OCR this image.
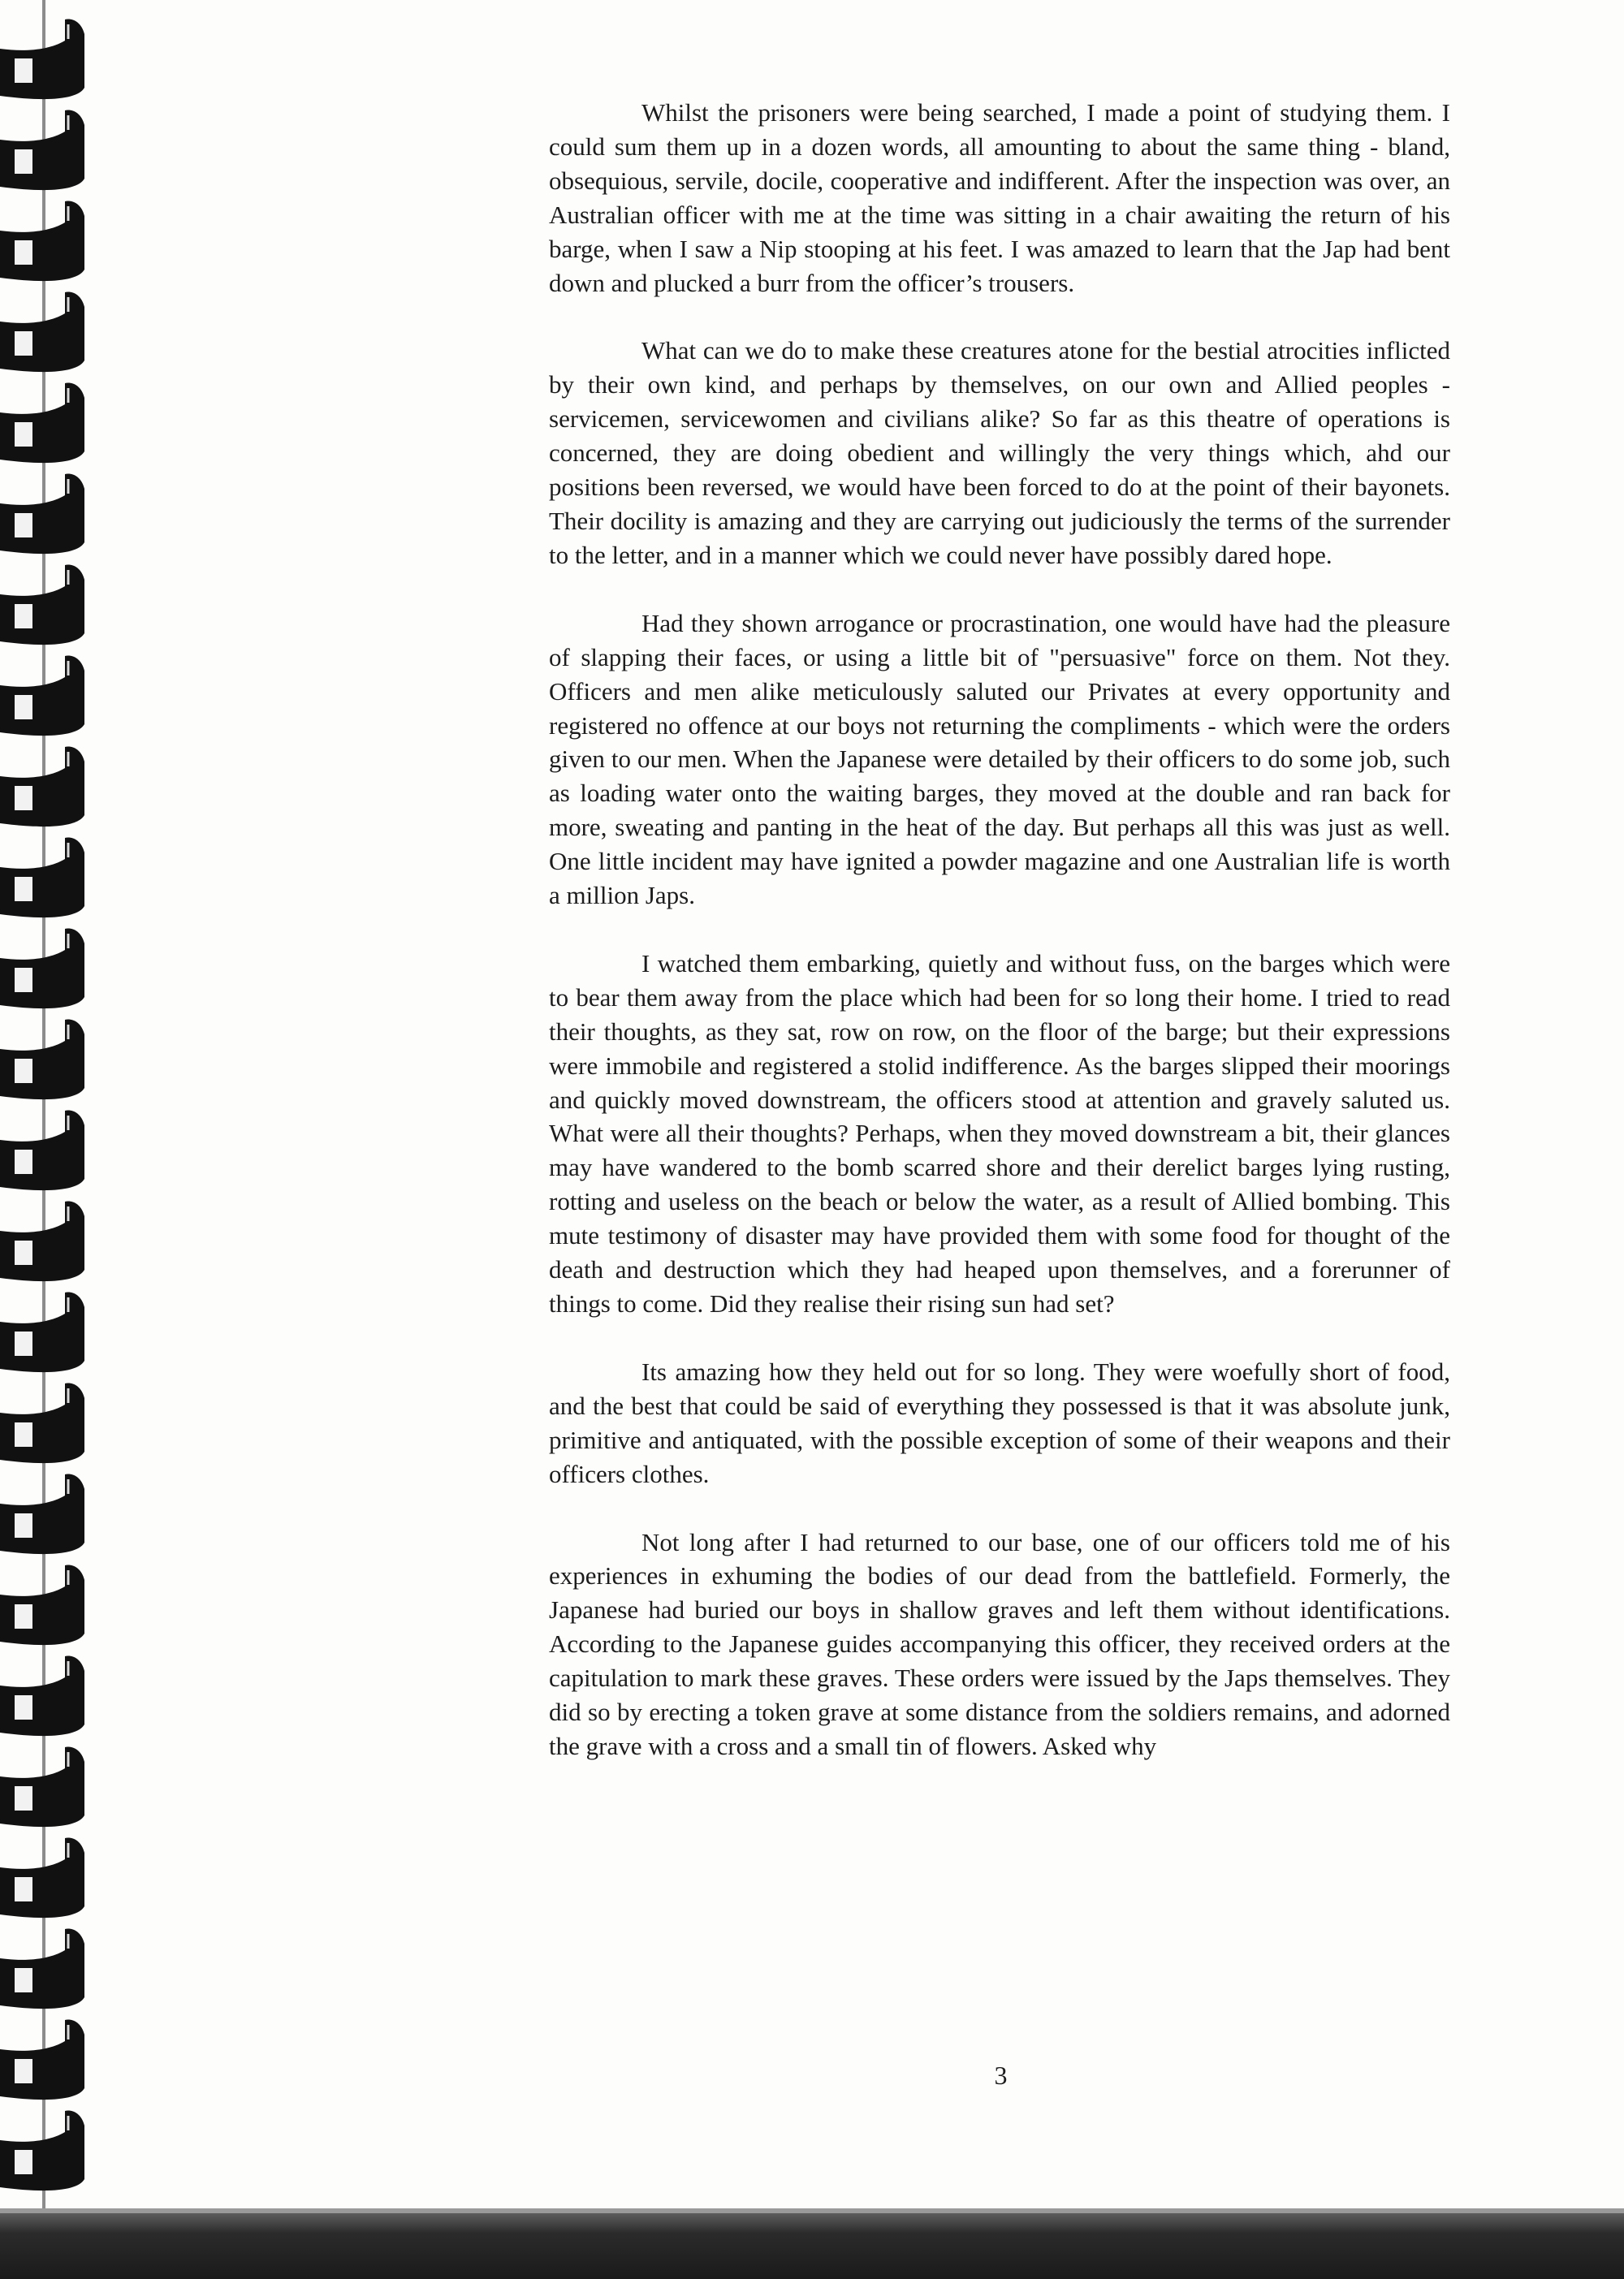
Whilst the prisoners were being searched, I made a point of studying them. I could sum them up in a dozen words, all amounting to about the same thing - bland, obsequious, servile, docile, cooperative and indifferent. After the inspection was over, an Australian officer with me at the time was sitting in a chair awaiting the return of his barge, when I saw a Nip stooping at his feet. I was amazed to learn that the Jap had bent down and plucked a burr from the officer’s trousers.

What can we do to make these creatures atone for the bestial atrocities inflicted by their own kind, and perhaps by themselves, on our own and Allied peoples - servicemen, servicewomen and civilians alike? So far as this theatre of operations is concerned, they are doing obedient and willingly the very things which, ahd our positions been reversed, we would have been forced to do at the point of their bayonets. Their docility is amazing and they are carrying out judiciously the terms of the surrender to the letter, and in a manner which we could never have possibly dared hope.

Had they shown arrogance or procrastination, one would have had the pleasure of slapping their faces, or using a little bit of "persuasive" force on them. Not they. Officers and men alike meticulously saluted our Privates at every opportunity and registered no offence at our boys not returning the compliments - which were the orders given to our men. When the Japanese were detailed by their officers to do some job, such as loading water onto the waiting barges, they moved at the double and ran back for more, sweating and panting in the heat of the day. But perhaps all this was just as well. One little incident may have ignited a powder magazine and one Australian life is worth a million Japs.

I watched them embarking, quietly and without fuss, on the barges which were to bear them away from the place which had been for so long their home. I tried to read their thoughts, as they sat, row on row, on the floor of the barge; but their expressions were immobile and registered a stolid indifference. As the barges slipped their moorings and quickly moved downstream, the officers stood at attention and gravely saluted us. What were all their thoughts? Perhaps, when they moved downstream a bit, their glances may have wandered to the bomb scarred shore and their derelict barges lying rusting, rotting and useless on the beach or below the water, as a result of Allied bombing. This mute testimony of disaster may have provided them with some food for thought of the death and destruction which they had heaped upon themselves, and a forerunner of things to come. Did they realise their rising sun had set?

Its amazing how they held out for so long. They were woefully short of food, and the best that could be said of everything they possessed is that it was absolute junk, primitive and antiquated, with the possible exception of some of their weapons and their officers clothes.

Not long after I had returned to our base, one of our officers told me of his experiences in exhuming the bodies of our dead from the battlefield. Formerly, the Japanese had buried our boys in shallow graves and left them without identifications. According to the Japanese guides accompanying this officer, they received orders at the capitulation to mark these graves. These orders were issued by the Japs themselves. They did so by erecting a token grave at some distance from the soldiers remains, and adorned the grave with a cross and a small tin of flowers. Asked why

3
